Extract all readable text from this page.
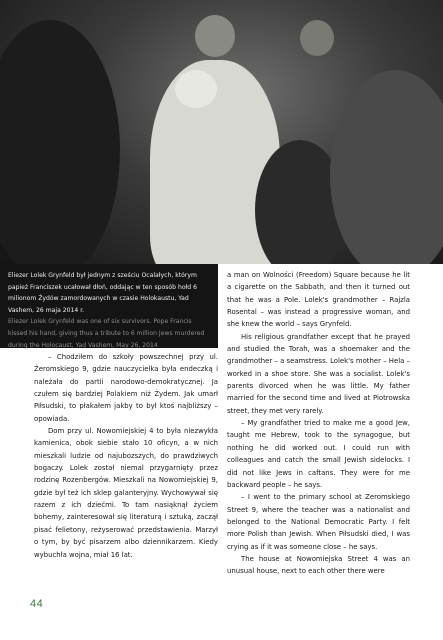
Eliezer Lolek Grynfeld był jednym z sześciu Ocalałych, którym papież Franciszek ucałował dłoń, oddając w ten sposób hołd 6 milionom Żydów zamordowanych w czasie Holokaustu, Yad Vashem, 26 maja 2014 r.
Eliezer Lolek Grynfeld was one of six survivors. Pope Francis kissed his hand, giving thus a tribute to 6 million Jews murdered during the Holocaust, Yad Vashem, May 26, 2014

– Chodziłem do szkoły powszechnej przy ul. Żeromskiego 9, gdzie nauczycielka była endeczką i należała do partii narodowo-demokratycznej. Ja czułem się bardziej Polakiem niż Żydem. Jak umarł Piłsudski, to płakałem jakby to był ktoś najbliższy – opowiada.

Dom przy ul. Nowomiejskiej 4 to była niezwykła kamienica, obok siebie stało 10 oficyn, a w nich mieszkali ludzie od najubozszych, do prawdziwych bogaczy. Lolek został niemal przygarnięty przez rodzinę Rozenbergów. Mieszkali na Nowomiejskiej 9, gdzie był też ich sklep galanteryjny. Wychowywał się razem z ich dziećmi. To tam nasiąknął życiem bohemy, zainteresował się literaturą i sztuką, zaczął pisać felietony, reżyserować przedstawienia. Marzył o tym, by być pisarzem albo dziennikarzem. Kiedy wybuchła wojna, miał 16 lat.

a man on Wolności (Freedom) Square because he lit a cigarette on the Sabbath, and then it turned out that he was a Pole. Lolek's grandmother – Rajzla Rosental – was instead a progressive woman, and she knew the world – says Grynfeld.

His religious grandfather except that he prayed and studied the Torah, was a shoemaker and the grandmother – a seamstress. Lolek's mother – Hela – worked in a shoe store. She was a socialist. Lolek's parents divorced when he was little. My father married for the second time and lived at Piotrowska street, they met very rarely.

– My grandfather tried to make me a good Jew, taught me Hebrew, took to the synagogue, but nothing he did worked out. I could run with colleagues and catch the small Jewish sidelocks. I did not like Jews in caftans. They were for me backward people – he says.

– I went to the primary school at Zeromskiego Street 9, where the teacher was a nationalist and belonged to the National Democratic Party. I felt more Polish than Jewish. When Piłsudski died, I was crying as if it was someone close – he says.

The house at Nowomiejska Street 4 was an unusual house, next to each other there were

44
